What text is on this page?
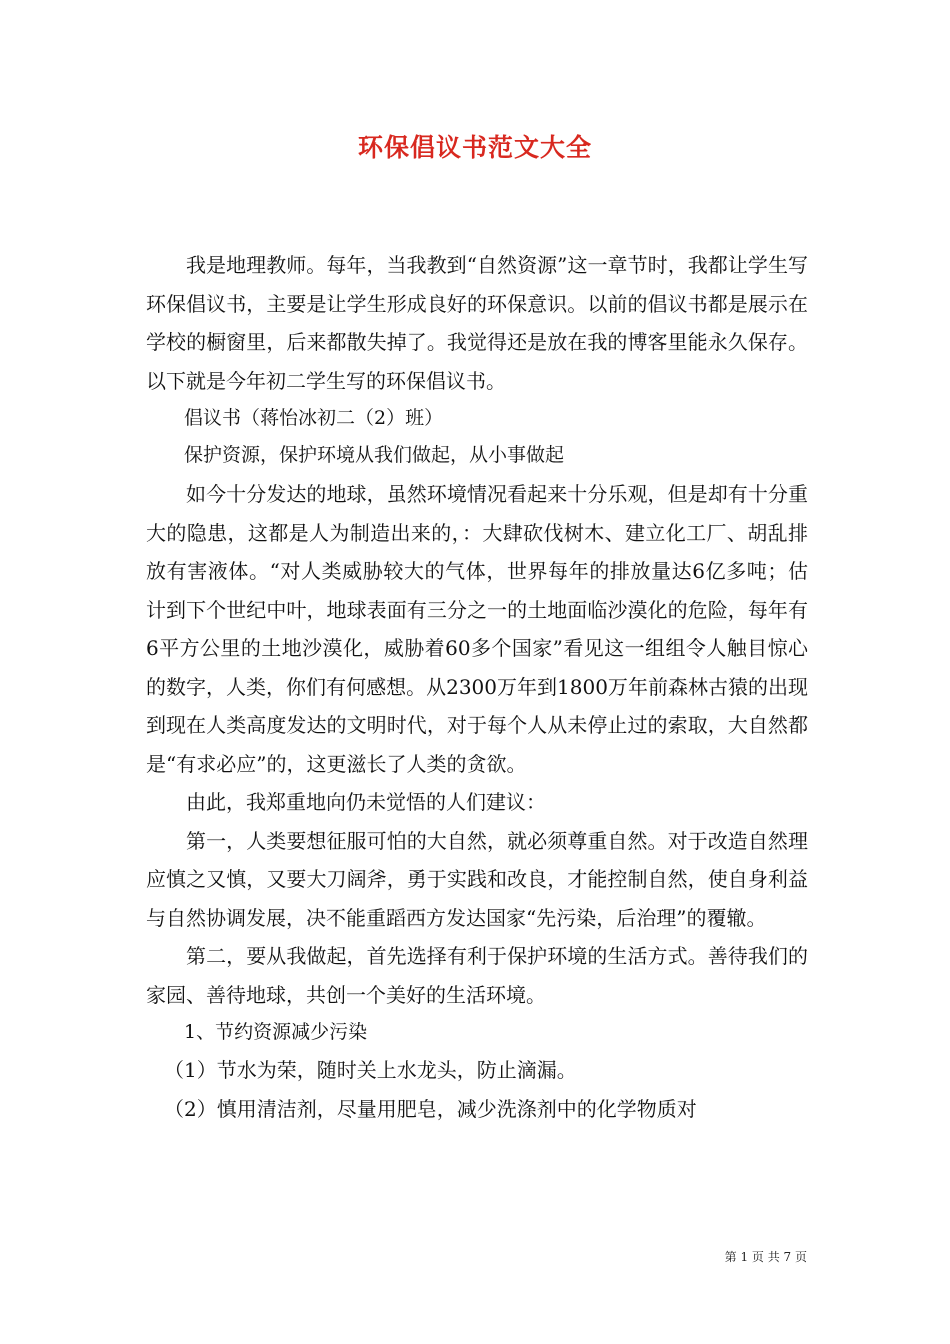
环保倡议书范文大全

我是地理教师。每年，当我教到“自然资源”这一章节时，我都让学生写环保倡议书，主要是让学生形成良好的环保意识。以前的倡议书都是展示在学校的橱窗里，后来都散失掉了。我觉得还是放在我的博客里能永久保存。以下就是今年初二学生写的环保倡议书。

倡议书（蒋怡冰初二（2）班）

保护资源，保护环境从我们做起，从小事做起

如今十分发达的地球，虽然环境情况看起来十分乐观，但是却有十分重大的隐患，这都是人为制造出来的，：大肆砍伐树木、建立化工厂、胡乱排放有害液体。“对人类威胁较大的气体，世界每年的排放量达6亿多吨；估计到下个世纪中叶，地球表面有三分之一的土地面临沙漠化的危险，每年有6平方公里的土地沙漠化，威胁着60多个国家”看见这一组组令人触目惊心的数字，人类，你们有何感想。从2300万年到1800万年前森林古猿的出现到现在人类高度发达的文明时代，对于每个人从未停止过的索取，大自然都是“有求必应”的，这更滋长了人类的贪欲。

由此，我郑重地向仍未觉悟的人们建议：

第一，人类要想征服可怕的大自然，就必须尊重自然。对于改造自然理应慎之又慎，又要大刀阔斧，勇于实践和改良，才能控制自然，使自身利益与自然协调发展，决不能重蹈西方发达国家“先污染，后治理”的覆辙。

第二，要从我做起，首先选择有利于保护环境的生活方式。善待我们的家园、善待地球，共创一个美好的生活环境。

1、节约资源减少污染

（1）节水为荣，随时关上水龙头，防止滴漏。

（2）慎用清洁剂，尽量用肥皂，减少洗涤剂中的化学物质对

第 1 页 共 7 页
